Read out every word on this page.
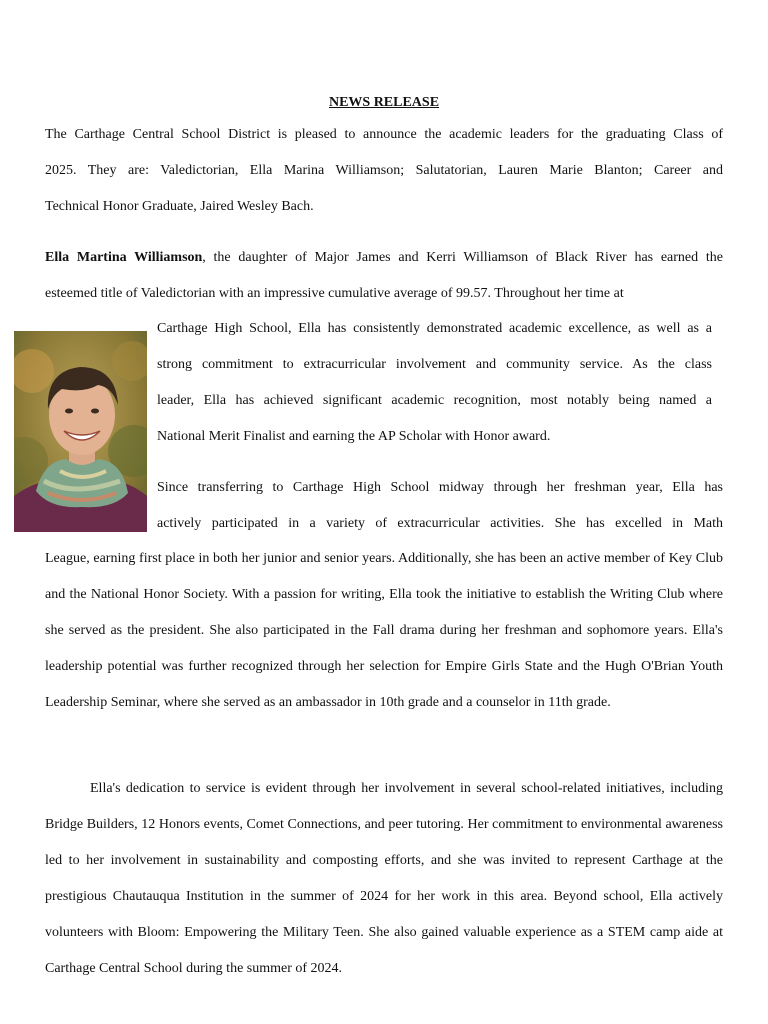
NEWS RELEASE
The Carthage Central School District is pleased to announce the academic leaders for the graduating Class of
2025. They are: Valedictorian, Ella Marina Williamson; Salutatorian, Lauren Marie Blanton; Career and
Technical Honor Graduate, Jaired Wesley Bach.
Ella Martina Williamson, the daughter of Major James and Kerri Williamson of Black River has earned the
esteemed title of Valedictorian with an impressive cumulative average of 99.57. Throughout her time at
Carthage High School, Ella has consistently demonstrated academic excellence, as well as a
strong commitment to extracurricular involvement and community service. As the class
leader, Ella has achieved significant academic recognition, most notably being named a
National Merit Finalist and earning the AP Scholar with Honor award.
Since transferring to Carthage High School midway through her freshman year, Ella has
actively participated in a variety of extracurricular activities. She has excelled in Math

League, earning first place in both her junior and senior years. Additionally, she has been an active member of Key Club and the National Honor Society. With a passion for writing, Ella took the initiative to establish the Writing Club where she served as the president. She also participated in the Fall drama during her freshman and sophomore years. Ella's leadership potential was further recognized through her selection for Empire Girls State and the Hugh O'Brian Youth Leadership Seminar, where she served as an ambassador in 10th grade and a counselor in 11th grade.

Ella's dedication to service is evident through her involvement in several school-related initiatives, including Bridge Builders, 12 Honors events, Comet Connections, and peer tutoring. Her commitment to environmental awareness led to her involvement in sustainability and composting efforts, and she was invited to represent Carthage at the prestigious Chautauqua Institution in the summer of 2024 for her work in this area. Beyond school, Ella actively volunteers with Bloom: Empowering the Military Teen. She also gained valuable experience as a STEM camp aide at Carthage Central School during the summer of 2024.
